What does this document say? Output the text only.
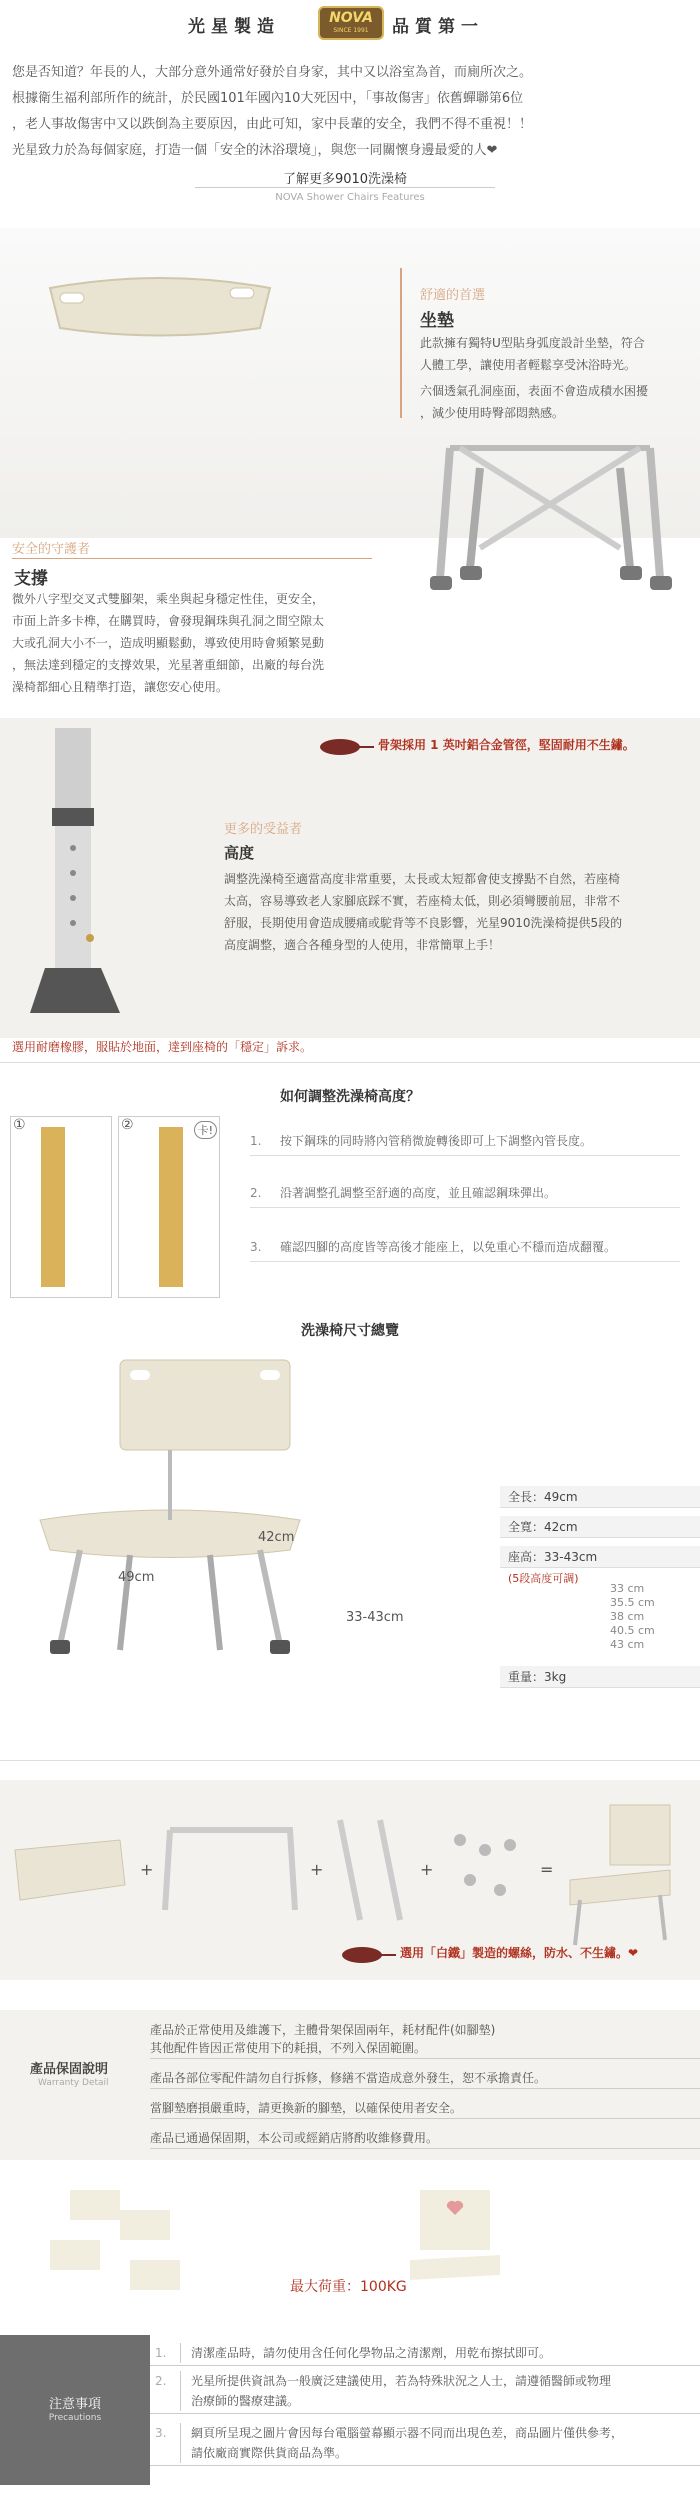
光星製造	NOVA
SINCE 1991	品質第一
您是否知道？年長的人，大部分意外通常好發於自身家，其中又以浴室為首，而廁所次之。
根據衛生福利部所作的統計，於民國101年國內10大死因中，「事故傷害」依舊蟬聯第6位
，老人事故傷害中又以跌倒為主要原因，由此可知，家中長輩的安全，我們不得不重視！！
光星致力於為每個家庭，打造一個「安全的沐浴環境」，與您一同關懷身邊最愛的人❤
了解更多9010洗澡椅
NOVA Shower Chairs Features
舒適的首選
坐墊
此款擁有獨特U型貼身弧度設計坐墊，符合
人體工學，讓使用者輕鬆享受沐浴時光。
六個透氣孔洞座面，表面不會造成積水困擾
，減少使用時臀部悶熱感。
安全的守護者
支撐
微外八字型交叉式雙腳架，乘坐與起身穩定性佳，更安全，
市面上許多卡榫，在購買時，會發現鋼珠與孔洞之間空隙太
大或孔洞大小不一，造成明顯鬆動，導致使用時會頻繁晃動
，無法達到穩定的支撐效果，光星著重細節，出廠的每台洗
澡椅都細心且精準打造，讓您安心使用。
骨架採用 1 英吋鋁合金管徑，堅固耐用不生鏽。
更多的受益者
高度
調整洗澡椅至適當高度非常重要，太長或太短都會使支撐點不自然，若座椅
太高，容易導致老人家腳底踩不實，若座椅太低，則必須彎腰前屈，非常不
舒服，長期使用會造成腰痛或駝背等不良影響，光星9010洗澡椅提供5段的
高度調整，適合各種身型的人使用，非常簡單上手！
選用耐磨橡膠，服貼於地面，達到座椅的「穩定」訴求。
如何調整洗澡椅高度？
①	②	卡!
1. 按下鋼珠的同時將內管稍微旋轉後即可上下調整內管長度。
2. 沿著調整孔調整至舒適的高度，並且確認鋼珠彈出。
3. 確認四腳的高度皆等高後才能座上，以免重心不穩而造成翻覆。
洗澡椅尺寸總覽
42cm
49cm
33-43cm
全長：49cm
全寬：42cm
座高：33-43cm
(5段高度可調)
33 cm
35.5 cm
38 cm
40.5 cm
43 cm
重量：3kg
+	+	+	=
選用「白鐵」製造的螺絲，防水、不生鏽。❤
產品保固說明
Warranty Detail
產品於正常使用及維護下，主體骨架保固兩年，耗材配件(如腳墊)
其他配件皆因正常使用下的耗損，不列入保固範圍。
產品各部位零配件請勿自行拆修，修繕不當造成意外發生，恕不承擔責任。
當腳墊磨損嚴重時，請更換新的腳墊，以確保使用者安全。
產品已通過保固期，本公司或經銷店將酌收維修費用。
最大荷重：100KG
注意事項
Precautions
1.	清潔產品時，請勿使用含任何化學物品之清潔劑，用乾布擦拭即可。
2.	光星所提供資訊為一般廣泛建議使用，若為特殊狀況之人士，請遵循醫師或物理
治療師的醫療建議。
3.	網頁所呈現之圖片會因每台電腦螢幕顯示器不同而出現色差，商品圖片僅供參考，
請依廠商實際供貨商品為準。
